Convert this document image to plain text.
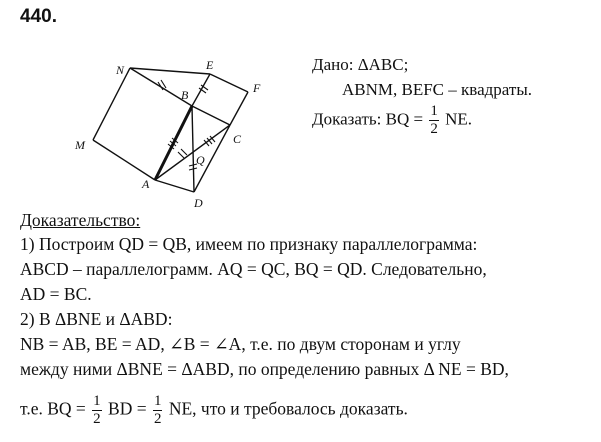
440.
N	E
F
B
C
M
Q
A
D
Дано: ΔABC;
ABNM, BEFC – квадраты.
Доказать: BQ = $\frac{1}{2}$ NE.
Доказательство:
1) Построим QD = QB, имеем по признаку параллелограмма:
ABCD – параллелограмм. AQ = QC, BQ = QD. Следовательно,
AD = BC.
2) В ΔBNE и ΔABD:
NB = AB, BE = AD, ∠B = ∠A, т.е. по двум сторонам и углу
между ними ΔBNE = ΔABD, по определению равных Δ NE = BD,
т.е. BQ = $\frac{1}{2}$ BD = $\frac{1}{2}$ NE, что и требовалось доказать.
